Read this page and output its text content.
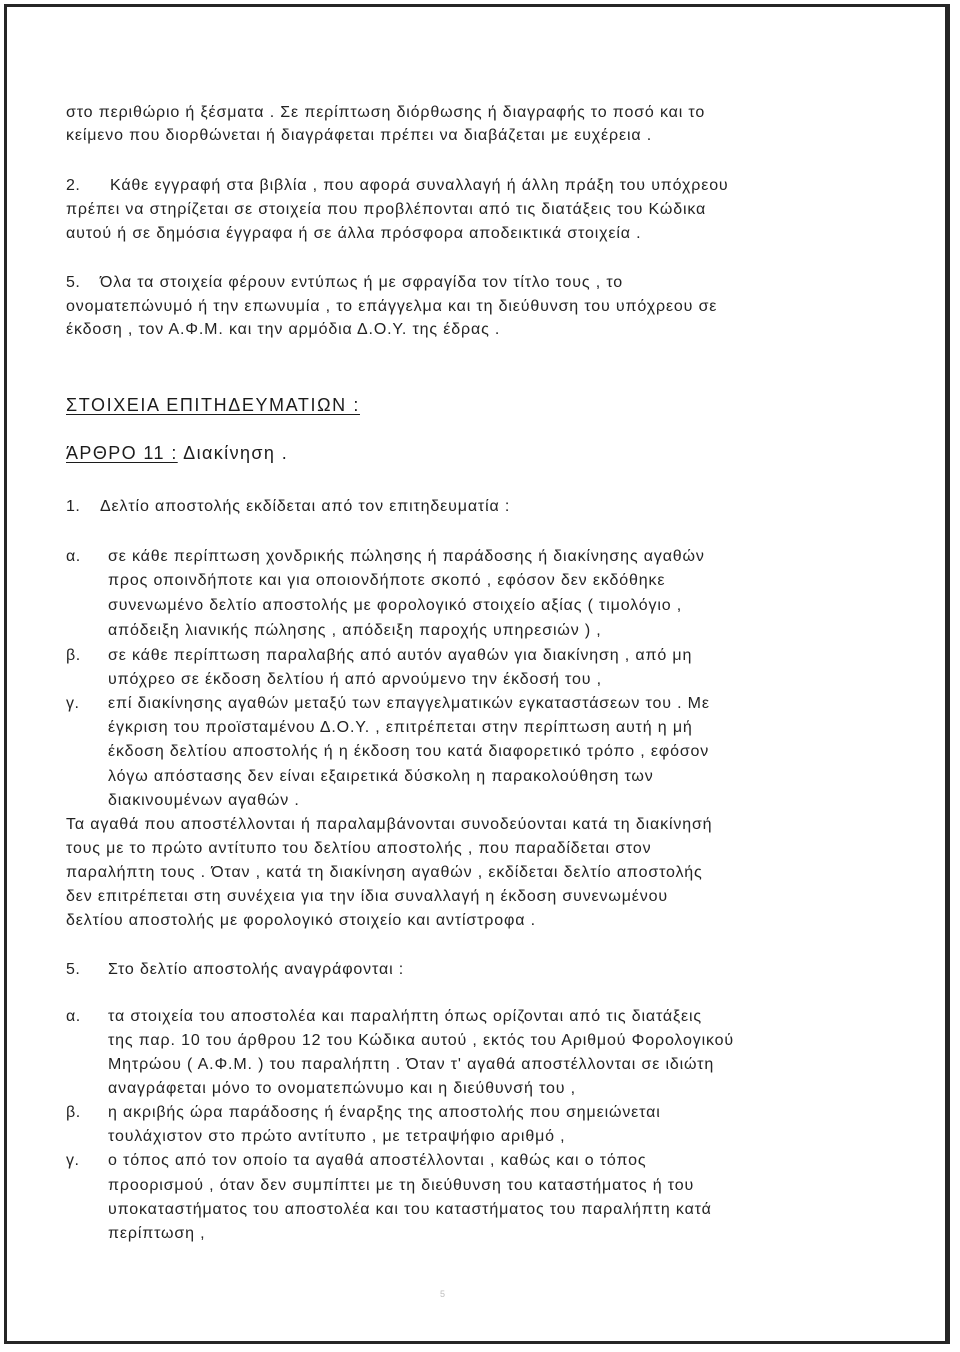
στο περιθώριο ή ξέσματα . Σε περίπτωση διόρθωσης ή διαγραφής το ποσό και το
κείμενο που διορθώνεται ή διαγράφεται πρέπει να διαβάζεται με ευχέρεια .
2. Κάθε εγγραφή στα βιβλία , που αφορά συναλλαγή ή άλλη πράξη του υπόχρεου
πρέπει να στηρίζεται σε στοιχεία που προβλέπονται από τις διατάξεις του Κώδικα
αυτού ή σε δημόσια έγγραφα ή σε άλλα πρόσφορα αποδεικτικά στοιχεία .
5. Όλα τα στοιχεία φέρουν εντύπως ή με σφραγίδα τον τίτλο τους , το
ονοματεπώνυμό ή την επωνυμία , το επάγγελμα και τη διεύθυνση του υπόχρεου σε
έκδοση , τον Α.Φ.Μ. και την αρμόδια Δ.Ο.Υ. της έδρας .
ΣΤΟΙΧΕΙΑ ΕΠΙΤΗΔΕΥΜΑΤΙΩΝ :
ΆΡΘΡΟ 11 : Διακίνηση .
1. Δελτίο αποστολής εκδίδεται από τον επιτηδευματία :
α. σε κάθε περίπτωση χονδρικής πώλησης ή παράδοσης ή διακίνησης αγαθών
προς οποινδήποτε και για οποιονδήποτε σκοπό , εφόσον δεν εκδόθηκε
συνενωμένο δελτίο αποστολής με φορολογικό στοιχείο αξίας ( τιμολόγιο ,
απόδειξη λιανικής πώλησης , απόδειξη παροχής υπηρεσιών ) ,
β. σε κάθε περίπτωση παραλαβής από αυτόν αγαθών για διακίνηση , από μη
υπόχρεο σε έκδοση δελτίου ή από αρνούμενο την έκδοσή του ,
γ. επί διακίνησης αγαθών μεταξύ των επαγγελματικών εγκαταστάσεων του . Με
έγκριση του προϊσταμένου Δ.Ο.Υ. , επιτρέπεται στην περίπτωση αυτή η μή
έκδοση δελτίου αποστολής ή η έκδοση του κατά διαφορετικό τρόπο , εφόσον
λόγω απόστασης δεν είναι εξαιρετικά δύσκολη η παρακολούθηση των
διακινουμένων αγαθών .
Τα αγαθά που αποστέλλονται ή παραλαμβάνονται συνοδεύονται κατά τη διακίνησή
τους με το πρώτο αντίτυπο του δελτίου αποστολής , που παραδίδεται στον
παραλήπτη τους . Όταν , κατά τη διακίνηση αγαθών , εκδίδεται δελτίο αποστολής
δεν επιτρέπεται στη συνέχεια για την ίδια συναλλαγή η έκδοση συνενωμένου
δελτίου αποστολής με φορολογικό στοιχείο και αντίστροφα .
5. Στο δελτίο αποστολής αναγράφονται :
α. τα στοιχεία του αποστολέα και παραλήπτη όπως ορίζονται από τις διατάξεις
της παρ. 10 του άρθρου 12 του Κώδικα αυτού , εκτός του Αριθμού Φορολογικού
Μητρώου ( Α.Φ.Μ. ) του παραλήπτη . Όταν τ' αγαθά αποστέλλονται σε ιδιώτη
αναγράφεται μόνο το ονοματεπώνυμο και η διεύθυνσή του ,
β. η ακριβής ώρα παράδοσης ή έναρξης της αποστολής που σημειώνεται
τουλάχιστον στο πρώτο αντίτυπο , με τετραψήφιο αριθμό ,
γ. ο τόπος από τον οποίο τα αγαθά αποστέλλονται , καθώς και ο τόπος
προορισμού , όταν δεν συμπίπτει με τη διεύθυνση του καταστήματος ή του
υποκαταστήματος του αποστολέα και του καταστήματος του παραλήπτη κατά
περίπτωση ,
5
